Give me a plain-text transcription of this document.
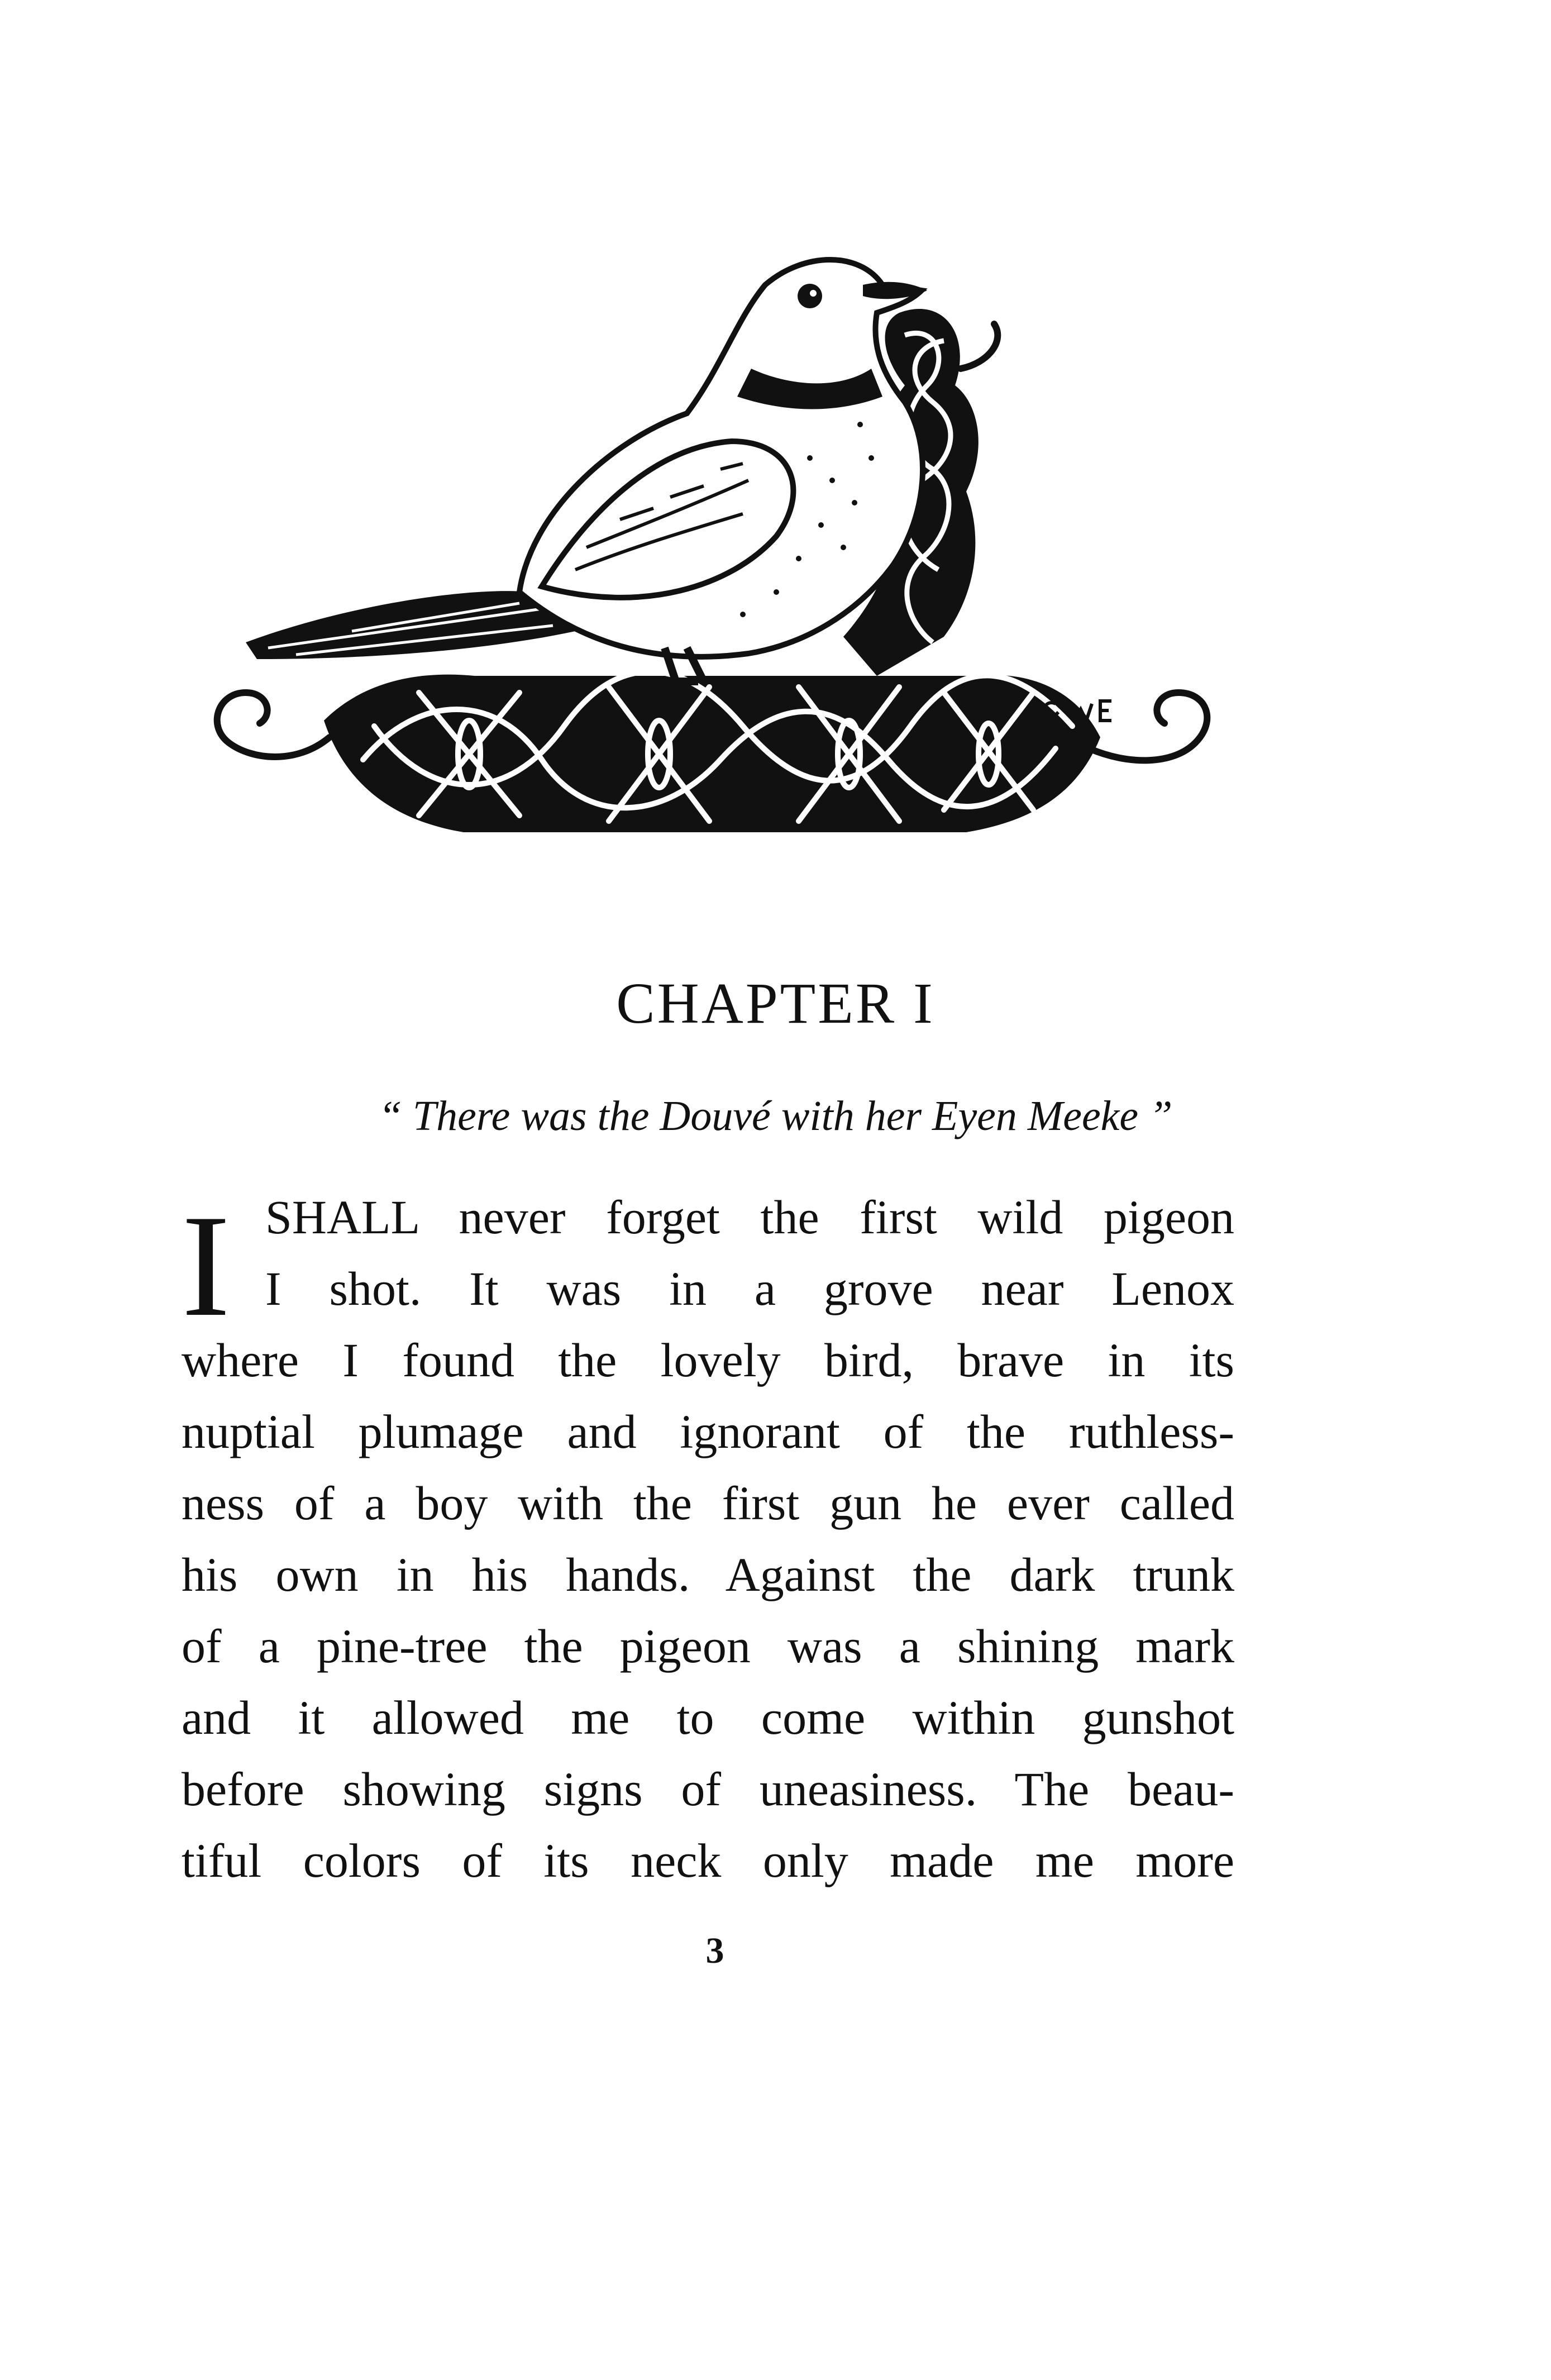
CHAPTER I
“ There was the Douvé with her Eyen Meeke ”
I SHALL never forget the first wild pigeon
I shot. It was in a grove near Lenox
where I found the lovely bird, brave in its
nuptial plumage and ignorant of the ruthless-
ness of a boy with the first gun he ever called
his own in his hands. Against the dark trunk
of a pine-tree the pigeon was a shining mark
and it allowed me to come within gunshot
before showing signs of uneasiness. The beau-
tiful colors of its neck only made me more
3
